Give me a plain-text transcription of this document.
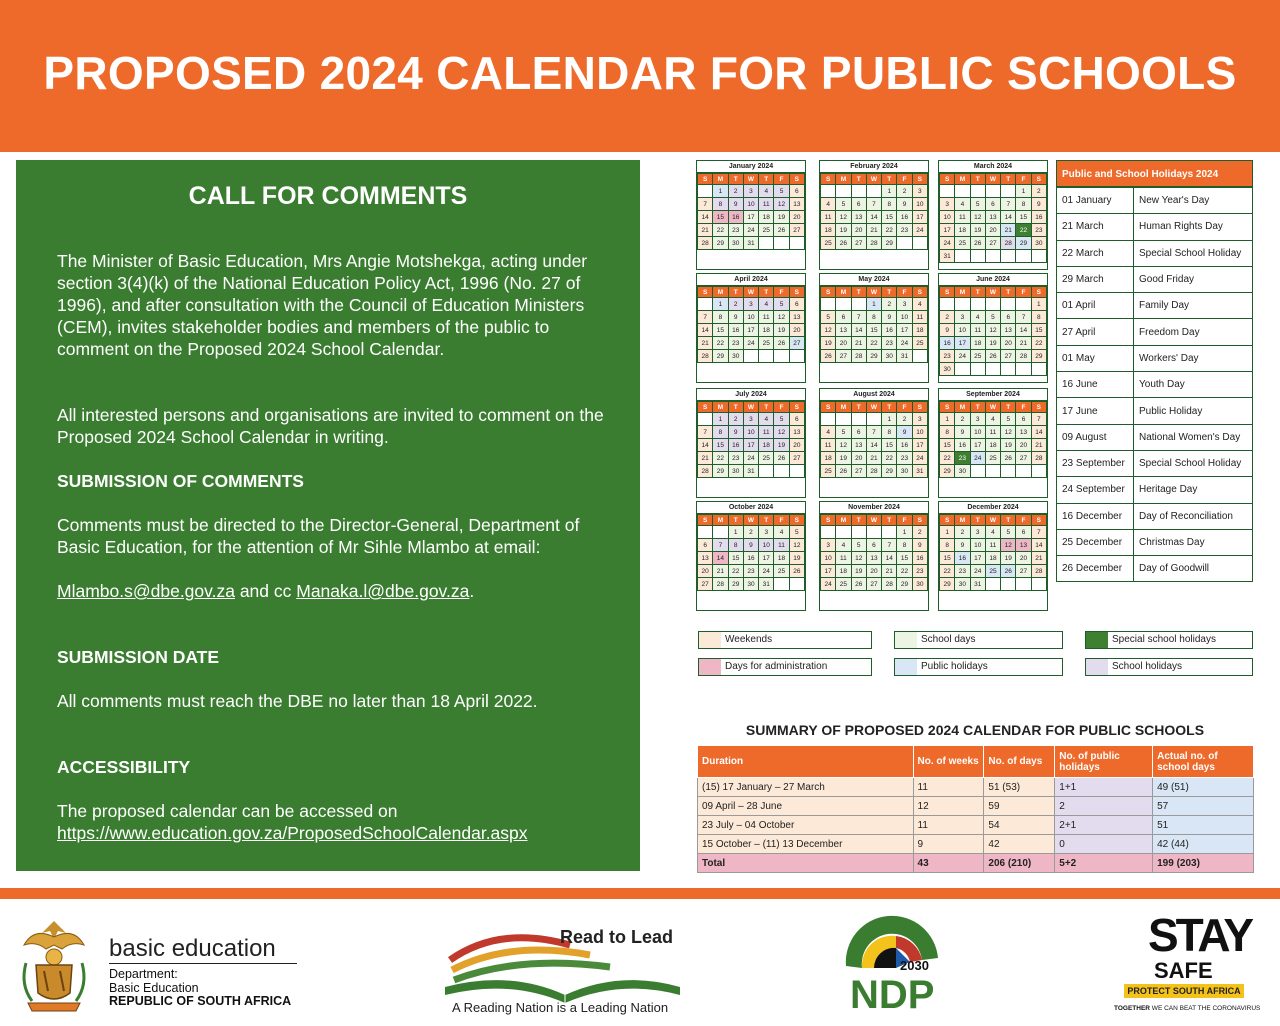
PROPOSED 2024 CALENDAR FOR PUBLIC SCHOOLS
CALL FOR COMMENTS

The Minister of Basic Education, Mrs Angie Motshekga, acting under section 3(4)(k) of the National Education Policy Act, 1996 (No. 27 of 1996), and after consultation with the Council of Education Ministers (CEM), invites stakeholder bodies and members of the public to comment on the Proposed 2024 School Calendar.

All interested persons and organisations are invited to comment on the Proposed 2024 School Calendar in writing.

SUBMISSION OF COMMENTS

Comments must be directed to the Director-General, Department of Basic Education, for the attention of Mr Sihle Mlambo at email:

Mlambo.s@dbe.gov.za and cc Manaka.l@dbe.gov.za.

SUBMISSION DATE

All comments must reach the DBE no later than 18 April 2022.

ACCESSIBILITY

The proposed calendar can be accessed on

https://www.education.gov.za/ProposedSchoolCalendar.aspx

January 2024
S	M	T	W	T	F	S
	1	2	3	4	5	6
7	8	9	10	11	12	13
14	15	16	17	18	19	20
21	22	23	24	25	26	27
28	29	30	31			
February 2024
S	M	T	W	T	F	S
				1	2	3
4	5	6	7	8	9	10
11	12	13	14	15	16	17
18	19	20	21	22	23	24
25	26	27	28	29		
March 2024
S	M	T	W	T	F	S
					1	2
3	4	5	6	7	8	9
10	11	12	13	14	15	16
17	18	19	20	21	22	23
24	25	26	27	28	29	30
31						
April 2024
S	M	T	W	T	F	S
	1	2	3	4	5	6
7	8	9	10	11	12	13
14	15	16	17	18	19	20
21	22	23	24	25	26	27
28	29	30				
May 2024
S	M	T	W	T	F	S
			1	2	3	4
5	6	7	8	9	10	11
12	13	14	15	16	17	18
19	20	21	22	23	24	25
26	27	28	29	30	31	
June 2024
S	M	T	W	T	F	S
						1
2	3	4	5	6	7	8
9	10	11	12	13	14	15
16	17	18	19	20	21	22
23	24	25	26	27	28	29
30						
July 2024
S	M	T	W	T	F	S
	1	2	3	4	5	6
7	8	9	10	11	12	13
14	15	16	17	18	19	20
21	22	23	24	25	26	27
28	29	30	31			
August 2024
S	M	T	W	T	F	S
				1	2	3
4	5	6	7	8	9	10
11	12	13	14	15	16	17
18	19	20	21	22	23	24
25	26	27	28	29	30	31
September 2024
S	M	T	W	T	F	S
1	2	3	4	5	6	7
8	9	10	11	12	13	14
15	16	17	18	19	20	21
22	23	24	25	26	27	28
29	30					
October 2024
S	M	T	W	T	F	S
		1	2	3	4	5
6	7	8	9	10	11	12
13	14	15	16	17	18	19
20	21	22	23	24	25	26
27	28	29	30	31		
November 2024
S	M	T	W	T	F	S
					1	2
3	4	5	6	7	8	9
10	11	12	13	14	15	16
17	18	19	20	21	22	23
24	25	26	27	28	29	30
December 2024
S	M	T	W	T	F	S
1	2	3	4	5	6	7
8	9	10	11	12	13	14
15	16	17	18	19	20	21
22	23	24	25	26	27	28
29	30	31				
Public and School Holidays 2024
01 January	New Year's Day
21 March	Human Rights Day
22 March	Special School Holiday
29 March	Good Friday
01 April	Family Day
27 April	Freedom Day
01 May	Workers' Day
16 June	Youth Day
17 June	Public Holiday
09 August	National Women's Day
23 September	Special School Holiday
24 September	Heritage Day
16 December	Day of Reconciliation
25 December	Christmas Day
26 December	Day of Goodwill
Weekends	School days	Special school holidays
Days for administration	Public holidays	School holidays
SUMMARY OF PROPOSED 2024 CALENDAR FOR PUBLIC SCHOOLS
Duration	No. of weeks	No. of days	No. of public holidays	Actual no. of school days
(15) 17 January – 27 March	11	51 (53)	1+1	49 (51)
09 April – 28 June	12	59	2	57
23 July – 04 October	11	54	2+1	51
15 October – (11) 13 December	9	42	0	42 (44)
Total	43	206 (210)	5+2	199 (203)
basic education
Department:
Basic Education
REPUBLIC OF SOUTH AFRICA
Read to Lead
A Reading Nation is a Leading Nation
2030
NDP
STAY
SAFE
PROTECT SOUTH AFRICA
TOGETHER WE CAN BEAT THE CORONAVIRUS
